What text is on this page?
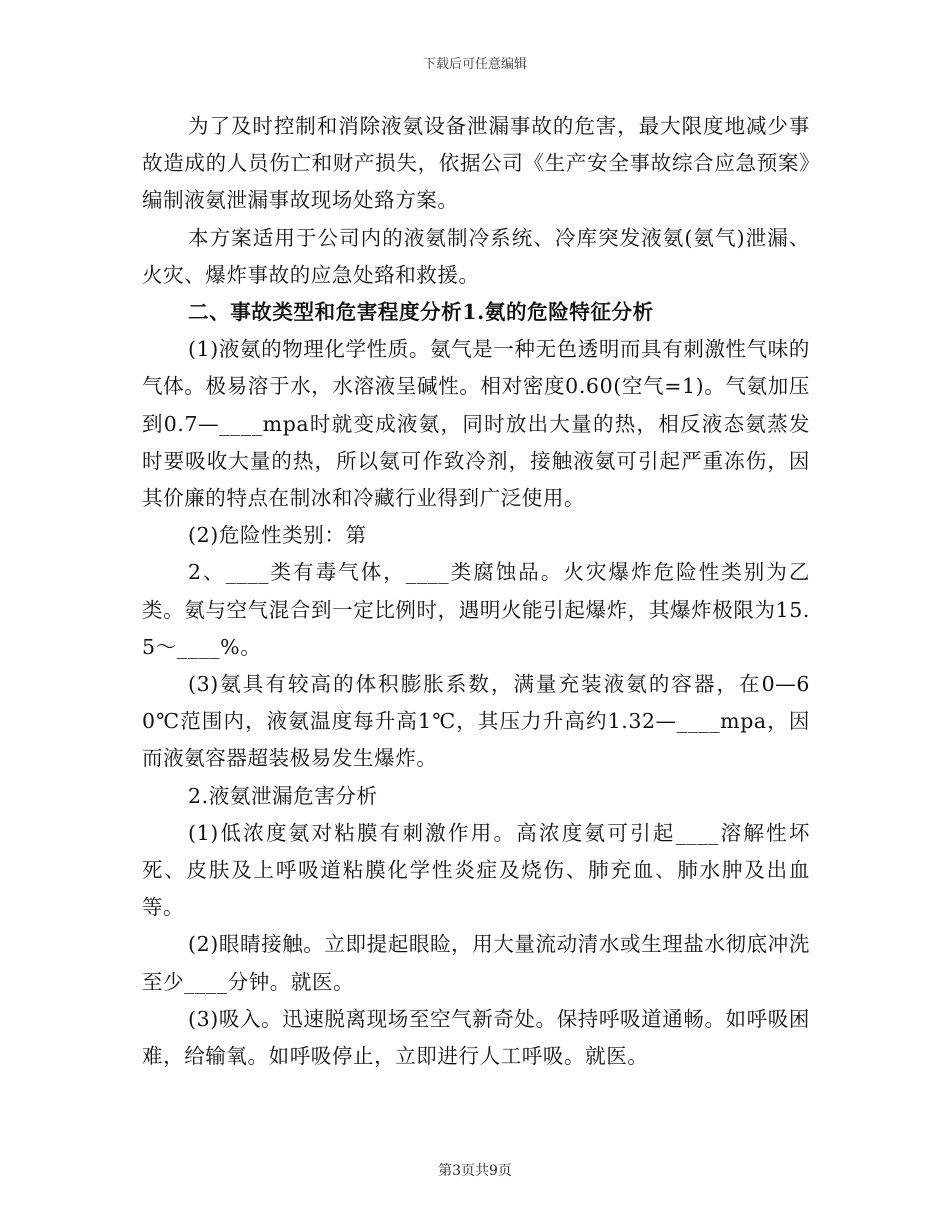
下载后可任意编辑

为了及时控制和消除液氨设备泄漏事故的危害，最大限度地减少事故造成的人员伤亡和财产损失，依据公司《生产安全事故综合应急预案》编制液氨泄漏事故现场处臵方案。

本方案适用于公司内的液氨制冷系统、冷库突发液氨(氨气)泄漏、火灾、爆炸事故的应急处臵和救援。

二、事故类型和危害程度分析1.氨的危险特征分析

(1)液氨的物理化学性质。氨气是一种无色透明而具有刺激性气味的气体。极易溶于水，水溶液呈碱性。相对密度0.60(空气=1)。气氨加压到0.7—____mpa时就变成液氨，同时放出大量的热，相反液态氨蒸发时要吸收大量的热，所以氨可作致冷剂，接触液氨可引起严重冻伤，因其价廉的特点在制冰和冷藏行业得到广泛使用。

(2)危险性类别：第

2、____类有毒气体，____类腐蚀品。火灾爆炸危险性类别为乙类。氨与空气混合到一定比例时，遇明火能引起爆炸，其爆炸极限为15.5～____%。

(3)氨具有较高的体积膨胀系数，满量充装液氨的容器，在0—60℃范围内，液氨温度每升高1℃，其压力升高约1.32—____mpa，因而液氨容器超装极易发生爆炸。

2.液氨泄漏危害分析

(1)低浓度氨对粘膜有刺激作用。高浓度氨可引起____溶解性坏死、皮肤及上呼吸道粘膜化学性炎症及烧伤、肺充血、肺水肿及出血等。

(2)眼睛接触。立即提起眼睑，用大量流动清水或生理盐水彻底冲洗至少____分钟。就医。

(3)吸入。迅速脱离现场至空气新奇处。保持呼吸道通畅。如呼吸困难，给输氧。如呼吸停止，立即进行人工呼吸。就医。

第3页共9页
